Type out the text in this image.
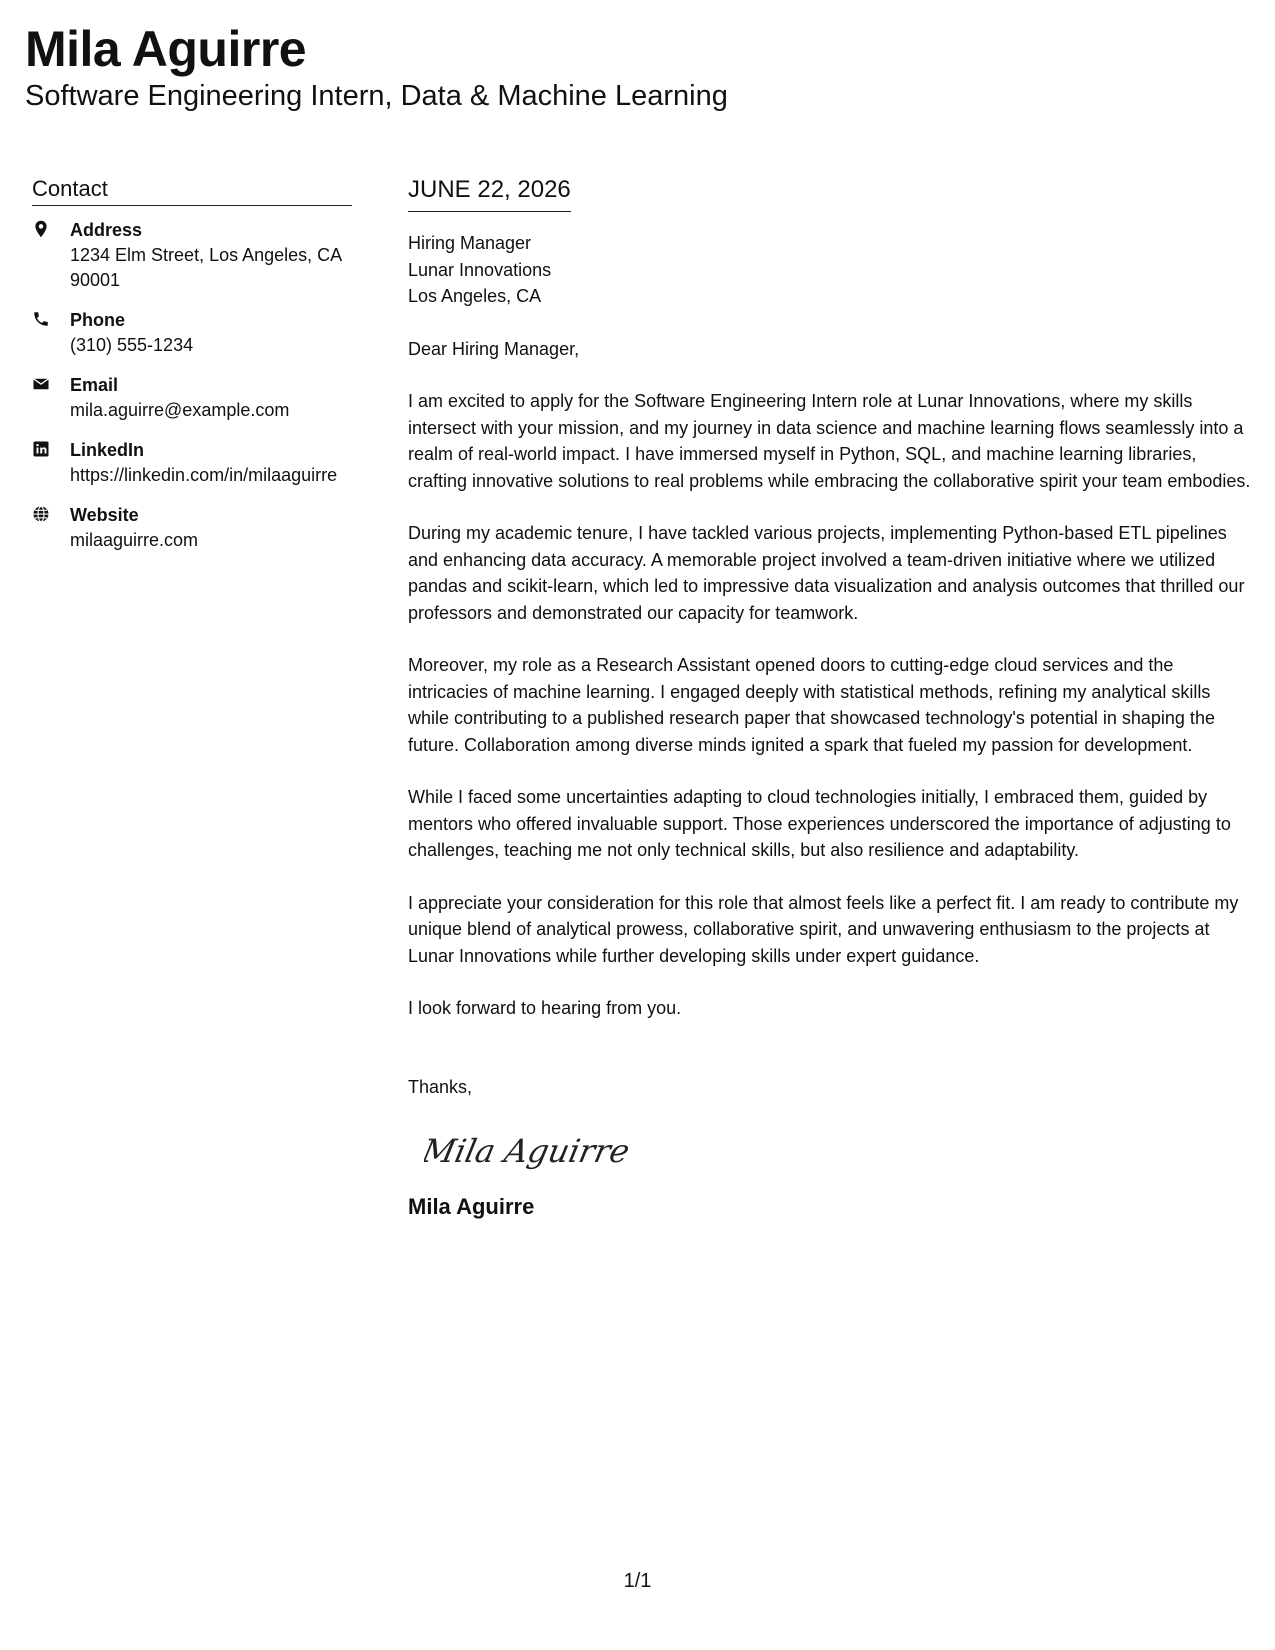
Mila Aguirre
Software Engineering Intern, Data & Machine Learning
Contact
Address
1234 Elm Street, Los Angeles, CA 90001
Phone
(310) 555-1234
Email
mila.aguirre@example.com
LinkedIn
https://linkedin.com/in/milaaguirre
Website
milaaguirre.com
JUNE 22, 2026
Hiring Manager
Lunar Innovations
Los Angeles, CA

Dear Hiring Manager,

I am excited to apply for the Software Engineering Intern role at Lunar Innovations, where my skills intersect with your mission, and my journey in data science and machine learning flows seamlessly into a realm of real-world impact. I have immersed myself in Python, SQL, and machine learning libraries, crafting innovative solutions to real problems while embracing the collaborative spirit your team embodies.

During my academic tenure, I have tackled various projects, implementing Python-based ETL pipelines and enhancing data accuracy. A memorable project involved a team-driven initiative where we utilized pandas and scikit-learn, which led to impressive data visualization and analysis outcomes that thrilled our professors and demonstrated our capacity for teamwork.

Moreover, my role as a Research Assistant opened doors to cutting-edge cloud services and the intricacies of machine learning. I engaged deeply with statistical methods, refining my analytical skills while contributing to a published research paper that showcased technology's potential in shaping the future. Collaboration among diverse minds ignited a spark that fueled my passion for development.

While I faced some uncertainties adapting to cloud technologies initially, I embraced them, guided by mentors who offered invaluable support. Those experiences underscored the importance of adjusting to challenges, teaching me not only technical skills, but also resilience and adaptability.

I appreciate your consideration for this role that almost feels like a perfect fit. I am ready to contribute my unique blend of analytical prowess, collaborative spirit, and unwavering enthusiasm to the projects at Lunar Innovations while further developing skills under expert guidance.

I look forward to hearing from you.

Thanks,
Mila Aguirre
Mila Aguirre
1/1
